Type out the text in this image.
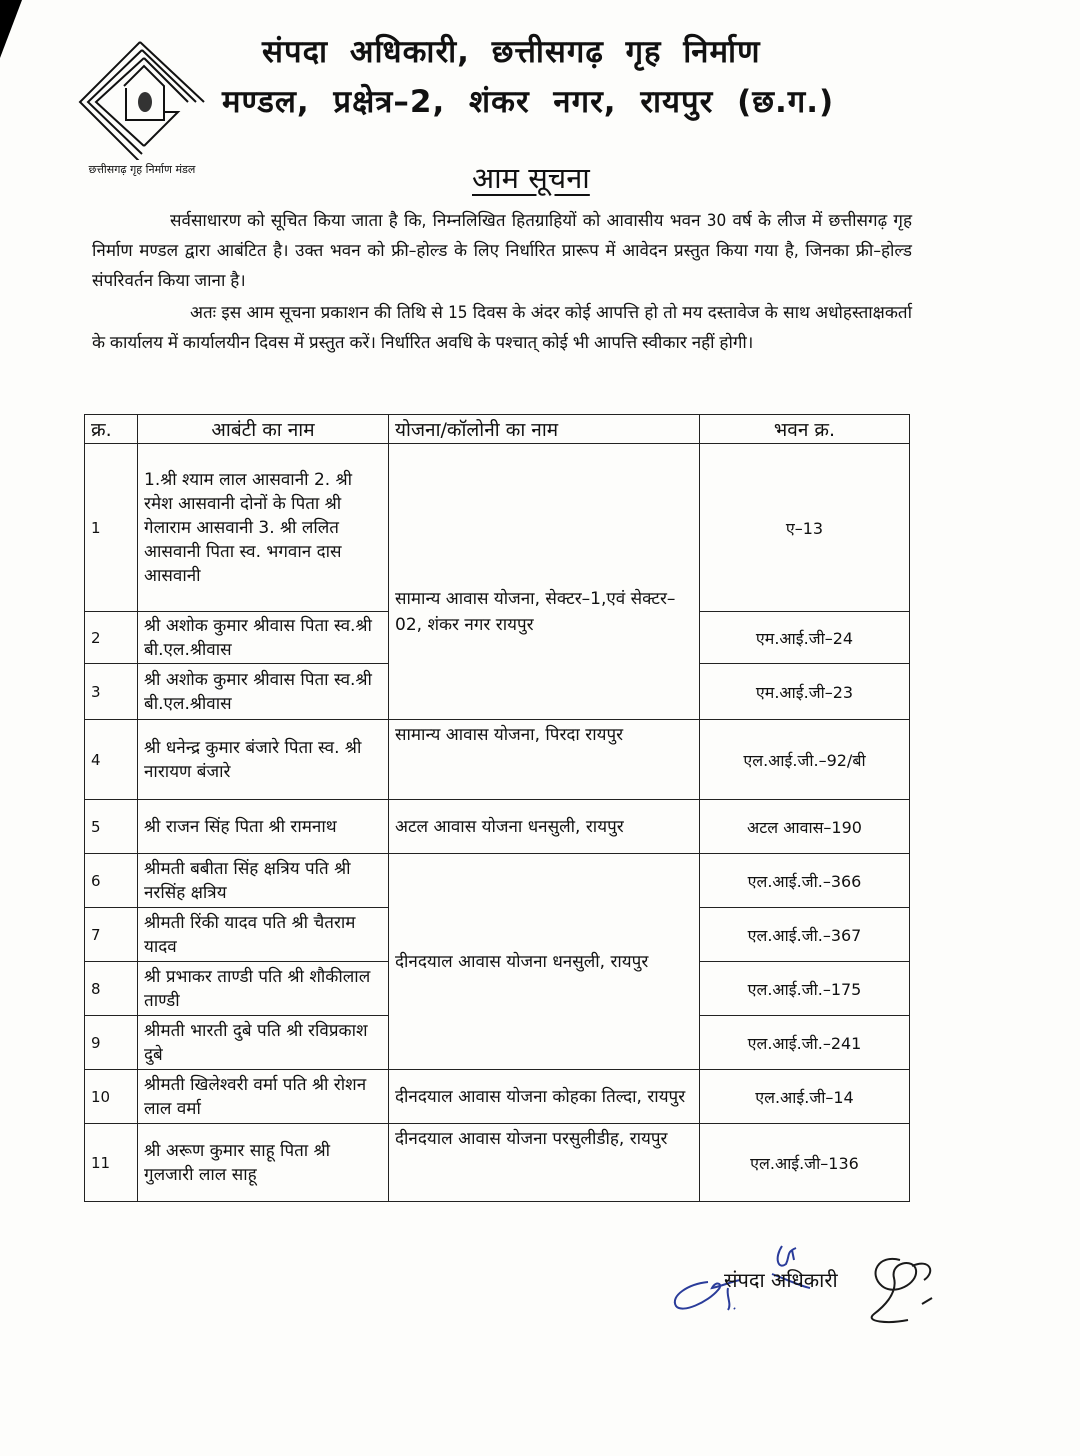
छत्तीसगढ़ गृह निर्माण मंडल
संपदा अधिकारी, छत्तीसगढ़ गृह निर्माण
मण्डल, प्रक्षेत्र–2, शंकर नगर, रायपुर (छ.ग.)
आम सूचना
सर्वसाधारण को सूचित किया जाता है कि, निम्नलिखित हितग्राहियों को आवासीय भवन 30 वर्ष के लीज में छत्तीसगढ़ गृह निर्माण मण्डल द्वारा आबंटित है। उक्त भवन को फ्री–होल्ड के लिए निर्धारित प्रारूप में आवेदन प्रस्तुत किया गया है, जिनका फ्री–होल्ड संपरिवर्तन किया जाना है।
अतः इस आम सूचना प्रकाशन की तिथि से 15 दिवस के अंदर कोई आपत्ति हो तो मय दस्तावेज के साथ अधोहस्ताक्षकर्ता के कार्यालय में कार्यालयीन दिवस में प्रस्तुत करें। निर्धारित अवधि के पश्चात् कोई भी आपत्ति स्वीकार नहीं होगी।
क्र.	आबंटी का नाम	योजना/कॉलोनी का नाम	भवन क्र.
1	1.श्री श्याम लाल आसवानी 2. श्री रमेश आसवानी दोनों के पिता श्री गेलाराम आसवानी 3. श्री ललित आसवानी पिता स्व. भगवान दास आसवानी	सामान्य आवास योजना, सेक्टर–1,एवं सेक्टर–02, शंकर नगर रायपुर	ए–13
2	श्री अशोक कुमार श्रीवास पिता स्व.श्री बी.एल.श्रीवास		एम.आई.जी–24
3	श्री अशोक कुमार श्रीवास पिता स्व.श्री बी.एल.श्रीवास		एम.आई.जी–23
4	श्री धनेन्द्र कुमार बंजारे पिता स्व. श्री नारायण बंजारे	सामान्य आवास योजना, पिरदा रायपुर	एल.आई.जी.–92/बी
5	श्री राजन सिंह पिता श्री रामनाथ	अटल आवास योजना धनसुली, रायपुर	अटल आवास–190
6	श्रीमती बबीता सिंह क्षत्रिय पति श्री नरसिंह क्षत्रिय	दीनदयाल आवास योजना धनसुली, रायपुर	एल.आई.जी.–366
7	श्रीमती रिंकी यादव पति श्री चैतराम यादव		एल.आई.जी.–367
8	श्री प्रभाकर ताण्डी पति श्री शौकीलाल ताण्डी		एल.आई.जी.–175
9	श्रीमती भारती दुबे पति श्री रविप्रकाश दुबे		एल.आई.जी.–241
10	श्रीमती खिलेश्वरी वर्मा पति श्री रोशन लाल वर्मा	दीनदयाल आवास योजना कोहका तिल्दा, रायपुर	एल.आई.जी–14
11	श्री अरूण कुमार साहू पिता श्री गुलजारी लाल साहू	दीनदयाल आवास योजना परसुलीडीह, रायपुर	एल.आई.जी–136
संपदा अधिकारी
